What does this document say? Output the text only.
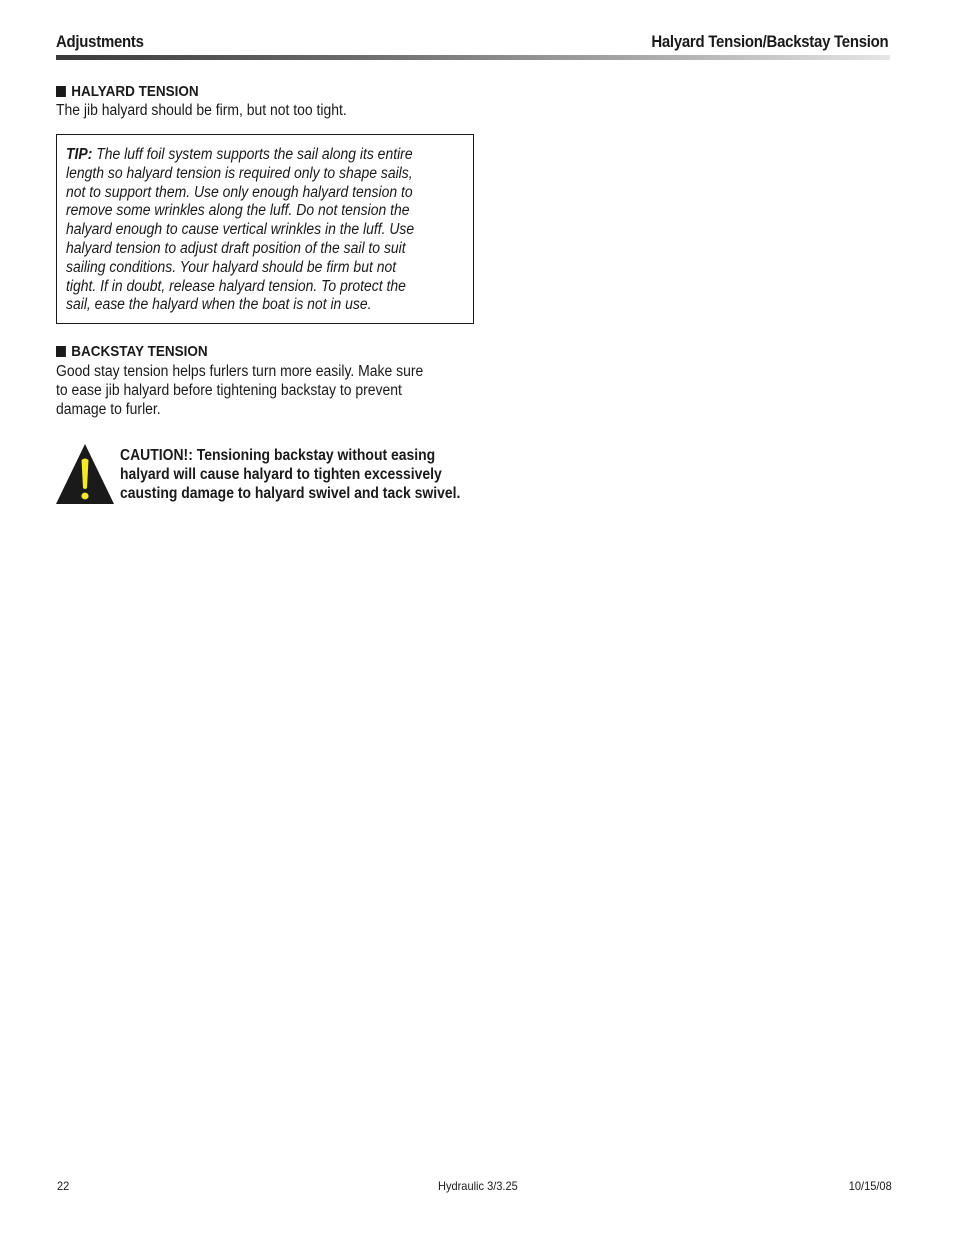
Adjustments	Halyard Tension/Backstay Tension
HALYARD TENSION
The jib halyard should be firm, but not too tight.
TIP: The luff foil system supports the sail along its entire
length so halyard tension is required only to shape sails,
not to support them. Use only enough halyard tension to
remove some wrinkles along the luff. Do not tension the
halyard enough to cause vertical wrinkles in the luff. Use
halyard tension to adjust draft position of the sail to suit
sailing conditions. Your halyard should be firm but not
tight. If in doubt, release halyard tension. To protect the
sail, ease the halyard when the boat is not in use.
BACKSTAY TENSION
Good stay tension helps furlers turn more easily. Make sure
to ease jib halyard before tightening backstay to prevent
damage to furler.
CAUTION!: Tensioning backstay without easing
halyard will cause halyard to tighten excessively
causting damage to halyard swivel and tack swivel.
22	Hydraulic 3/3.25	10/15/08
